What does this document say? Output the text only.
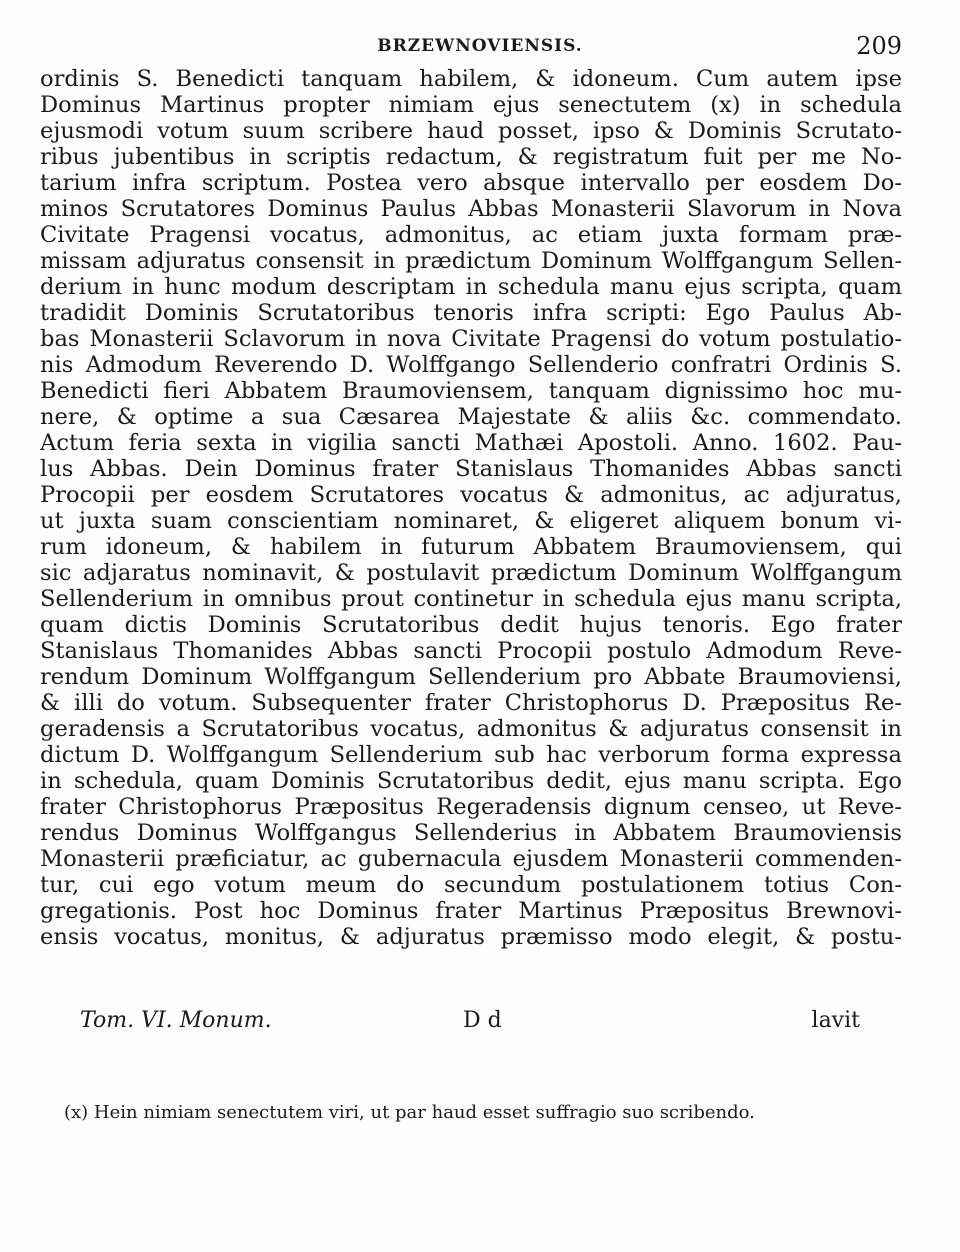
BRZEWNOVIENSIS.	209
ordinis S. Benedicti tanquam habilem, & idoneum. Cum autem ipse
Dominus Martinus propter nimiam ejus senectutem (x) in schedula
ejusmodi votum suum scribere haud posset, ipso & Dominis Scrutato-
ribus jubentibus in scriptis redactum, & registratum fuit per me No-
tarium infra scriptum. Postea vero absque intervallo per eosdem Do-
minos Scrutatores Dominus Paulus Abbas Monasterii Slavorum in Nova
Civitate Pragensi vocatus, admonitus, ac etiam juxta formam præ-
missam adjuratus consensit in prædictum Dominum Wolffgangum Sellen-
derium in hunc modum descriptam in schedula manu ejus scripta, quam
tradidit Dominis Scrutatoribus tenoris infra scripti: Ego Paulus Ab-
bas Monasterii Sclavorum in nova Civitate Pragensi do votum postulatio-
nis Admodum Reverendo D. Wolffgango Sellenderio confratri Ordinis S.
Benedicti fieri Abbatem Braumoviensem, tanquam dignissimo hoc mu-
nere, & optime a sua Cæsarea Majestate & aliis &c. commendato.
Actum feria sexta in vigilia sancti Mathæi Apostoli. Anno. 1602. Pau-
lus Abbas. Dein Dominus frater Stanislaus Thomanides Abbas sancti
Procopii per eosdem Scrutatores vocatus & admonitus, ac adjuratus,
ut juxta suam conscientiam nominaret, & eligeret aliquem bonum vi-
rum idoneum, & habilem in futurum Abbatem Braumoviensem, qui
sic adjaratus nominavit, & postulavit prædictum Dominum Wolffgangum
Sellenderium in omnibus prout continetur in schedula ejus manu scripta,
quam dictis Dominis Scrutatoribus dedit hujus tenoris. Ego frater
Stanislaus Thomanides Abbas sancti Procopii postulo Admodum Reve-
rendum Dominum Wolffgangum Sellenderium pro Abbate Braumoviensi,
& illi do votum. Subsequenter frater Christophorus D. Præpositus Re-
geradensis a Scrutatoribus vocatus, admonitus & adjuratus consensit in
dictum D. Wolffgangum Sellenderium sub hac verborum forma expressa
in schedula, quam Dominis Scrutatoribus dedit, ejus manu scripta. Ego
frater Christophorus Præpositus Regeradensis dignum censeo, ut Reve-
rendus Dominus Wolffgangus Sellenderius in Abbatem Braumoviensis
Monasterii præficiatur, ac gubernacula ejusdem Monasterii commenden-
tur, cui ego votum meum do secundum postulationem totius Con-
gregationis. Post hoc Dominus frater Martinus Præpositus Brewnovi-
ensis vocatus, monitus, & adjuratus præmisso modo elegit, & postu-
Tom. VI. Monum.	D d	lavit
(x) Hein nimiam senectutem viri, ut par haud esset suffragio suo scribendo.
